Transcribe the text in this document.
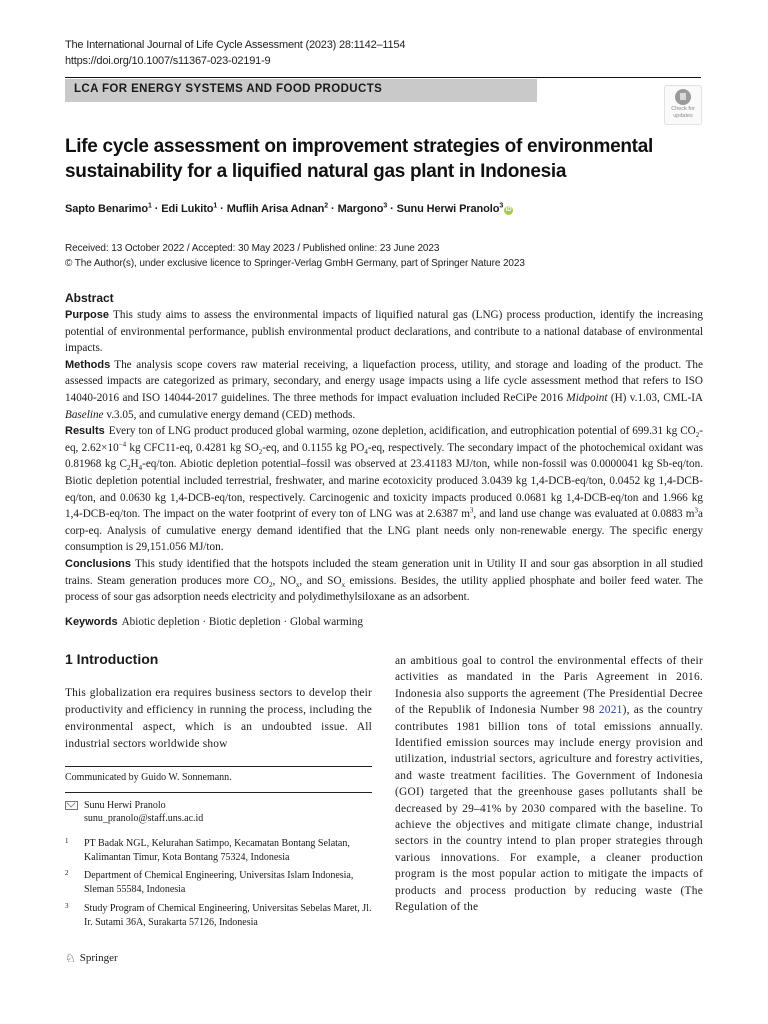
The International Journal of Life Cycle Assessment (2023) 28:1142–1154
https://doi.org/10.1007/s11367-023-02191-9
LCA FOR ENERGY SYSTEMS AND FOOD PRODUCTS
Check for
updates
Life cycle assessment on improvement strategies of environmental sustainability for a liquified natural gas plant in Indonesia
Sapto Benarimo$^1$ · Edi Lukito$^1$ · Muflih Arisa Adnan$^2$ · Margono$^3$ · Sunu Herwi Pranolo$^3$iD
Received: 13 October 2022 / Accepted: 30 May 2023 / Published online: 23 June 2023
© The Author(s), under exclusive licence to Springer-Verlag GmbH Germany, part of Springer Nature 2023
Abstract

Purpose This study aims to assess the environmental impacts of liquified natural gas (LNG) process production, identify the increasing potential of environmental performance, publish environmental product declarations, and contribute to a national database of environmental impacts.

Methods The analysis scope covers raw material receiving, a liquefaction process, utility, and storage and loading of the product. The assessed impacts are categorized as primary, secondary, and energy usage impacts using a life cycle assessment method that refers to ISO 14040-2016 and ISO 14044-2017 guidelines. The three methods for impact evaluation included ReCiPe 2016 Midpoint (H) v.1.03, CML-IA Baseline v.3.05, and cumulative energy demand (CED) methods.

Results Every ton of LNG product produced global warming, ozone depletion, acidification, and eutrophication potential of 699.31 kg $CO_2-eq$, $2.62\times 10^{-4}$ kg CFC11-eq, 0.4281 kg $SO_2-eq$, and 0.1155 kg $PO_4-eq$, respectively. The secondary impact of the photochemical oxidant was 0.81968 kg $C_2H_4-eq$/ton. Abiotic depletion potential–fossil was observed at 23.41183 MJ/ton, while non-fossil was 0.0000041 kg Sb-eq/ton. Biotic depletion potential included terrestrial, freshwater, and marine ecotoxicity produced 3.0439 kg 1,4-DCB-eq/ton, 0.0452 kg 1,4-DCB-eq/ton, and 0.0630 kg 1,4-DCB-eq/ton, respectively. Carcinogenic and toxicity impacts produced 0.0681 kg 1,4-DCB-eq/ton and 1.966 kg 1,4-DCB-eq/ton. The impact on the water footprint of every ton of LNG was at 2.6387 $m^3$, and land use change was evaluated at 0.0883 $m^3a$ corp-eq. Analysis of cumulative energy demand identified that the LNG plant needs only non-renewable energy. The specific energy consumption is 29,151.056 MJ/ton.

Conclusions This study identified that the hotspots included the steam generation unit in Utility II and sour gas absorption in all studied trains. Steam generation produces more $CO_2$, $NO_x$, and $SO_x$ emissions. Besides, the utility applied phosphate and boiler feed water. The process of sour gas adsorption needs electricity and polydimethylsiloxane as an adsorbent.

Keywords Abiotic depletion · Biotic depletion · Global warming
1 Introduction
This globalization era requires business sectors to develop their productivity and efficiency in running the process, including the environmental aspect, which is an undoubted issue. All industrial sectors worldwide show
an ambitious goal to control the environmental effects of their activities as mandated in the Paris Agreement in 2016. Indonesia also supports the agreement (The Presidential Decree of the Republik of Indonesia Number 98 2021), as the country contributes 1981 billion tons of total emissions annually. Identified emission sources may include energy provision and utilization, industrial sectors, agriculture and forestry activities, and waste treatment facilities. The Government of Indonesia (GOI) targeted that the greenhouse gases pollutants shall be decreased by 29–41% by 2030 compared with the baseline. To achieve the objectives and mitigate climate change, industrial sectors in the country intend to plan proper strategies through various innovations. For example, a cleaner production program is the most popular action to mitigate the impacts of products and process production by reducing waste (The Regulation of the
Communicated by Guido W. Sonnemann.
Sunu Herwi Pranolo
sunu_pranolo@staff.uns.ac.id
1 PT Badak NGL, Kelurahan Satimpo, Kecamatan Bontang Selatan, Kalimantan Timur, Kota Bontang 75324, Indonesia
2 Department of Chemical Engineering, Universitas Islam Indonesia, Sleman 55584, Indonesia
3 Study Program of Chemical Engineering, Universitas Sebelas Maret, Jl. Ir. Sutami 36A, Surakarta 57126, Indonesia
♘ Springer
